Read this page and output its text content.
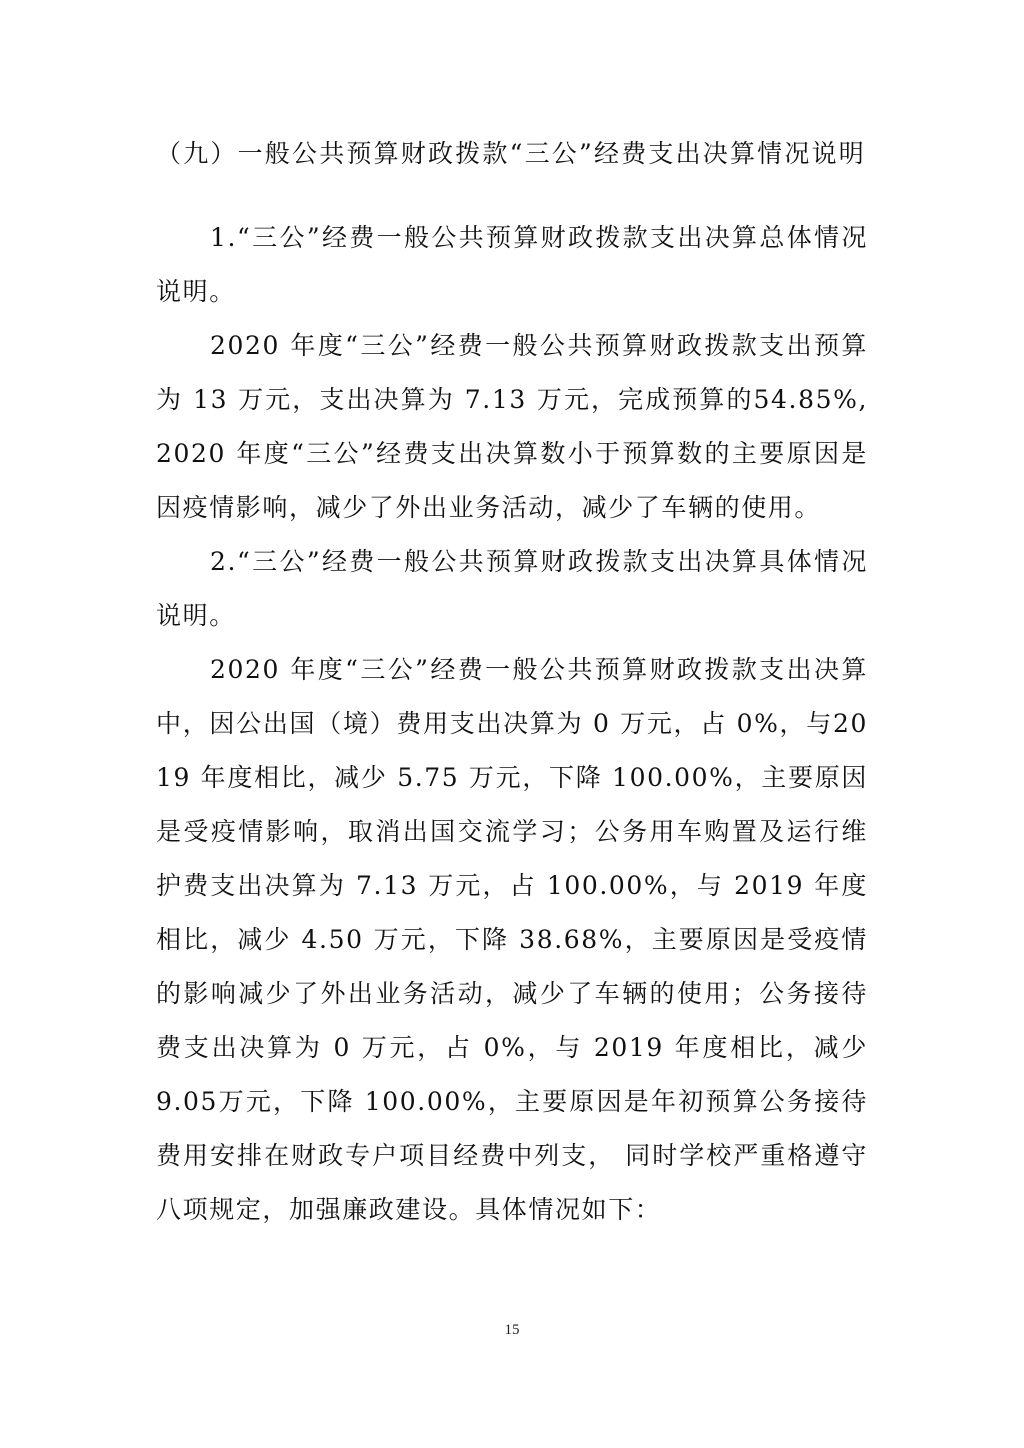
（九）一般公共预算财政拨款“三公”经费支出决算情况说明

1.“三公”经费一般公共预算财政拨款支出决算总体情况说明。

2020 年度“三公”经费一般公共预算财政拨款支出预算为 13 万元，支出决算为 7.13 万元，完成预算的54.85%,2020 年度“三公”经费支出决算数小于预算数的主要原因是因疫情影响，减少了外出业务活动，减少了车辆的使用。

2.“三公”经费一般公共预算财政拨款支出决算具体情况说明。

2020 年度“三公”经费一般公共预算财政拨款支出决算中，因公出国（境）费用支出决算为 0 万元，占 0%，与2019 年度相比，减少 5.75 万元，下降 100.00%，主要原因是受疫情影响，取消出国交流学习；公务用车购置及运行维护费支出决算为 7.13 万元，占 100.00%，与 2019 年度相比，减少 4.50 万元，下降 38.68%，主要原因是受疫情的影响减少了外出业务活动，减少了车辆的使用；公务接待费支出决算为 0 万元，占 0%，与 2019 年度相比，减少 9.05万元，下降 100.00%，主要原因是年初预算公务接待费用安排在财政专户项目经费中列支， 同时学校严重格遵守八项规定，加强廉政建设。具体情况如下：

15
